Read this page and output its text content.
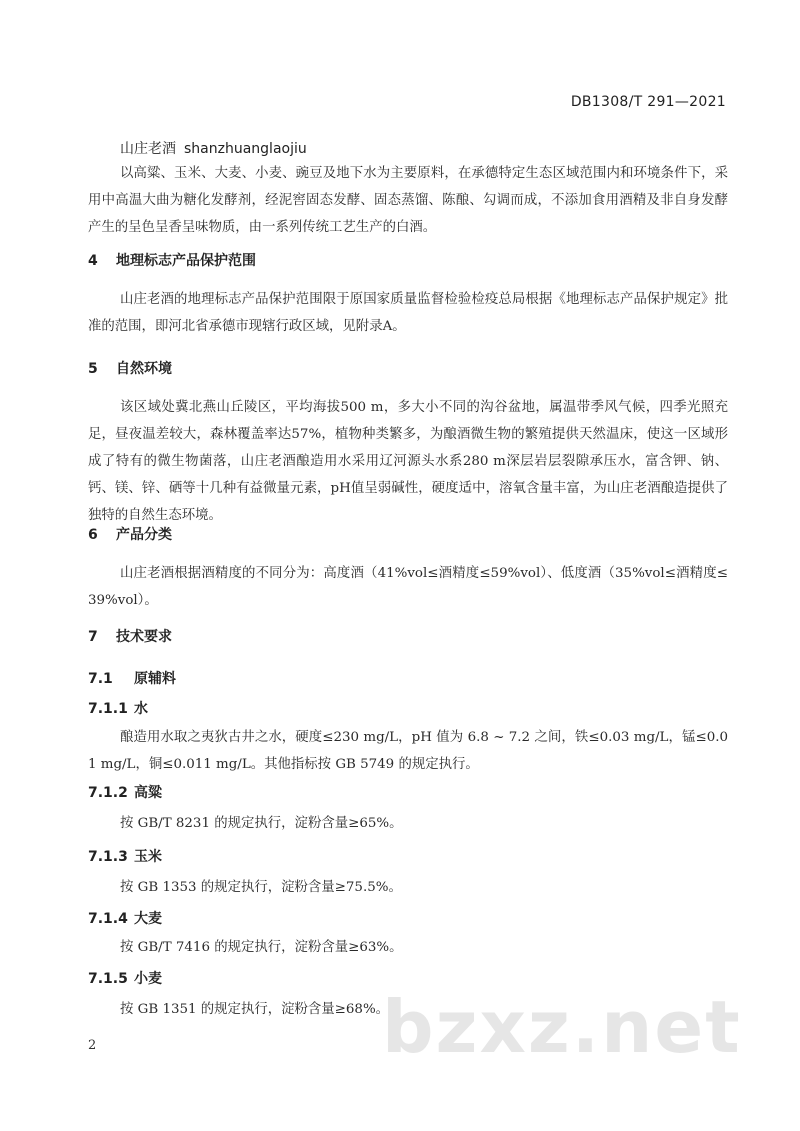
DB1308/T 291—2021
山庄老酒 shanzhuanglaojiu
以高粱、玉米、大麦、小麦、豌豆及地下水为主要原料，在承德特定生态区域范围内和环境条件下，采用中高温大曲为糖化发酵剂，经泥窖固态发酵、固态蒸馏、陈酿、勾调而成，不添加食用酒精及非自身发酵产生的呈色呈香呈味物质，由一系列传统工艺生产的白酒。
4 地理标志产品保护范围
山庄老酒的地理标志产品保护范围限于原国家质量监督检验检疫总局根据《地理标志产品保护规定》批准的范围，即河北省承德市现辖行政区域，见附录A。
5 自然环境
该区域处冀北燕山丘陵区，平均海拔500 m，多大小不同的沟谷盆地，属温带季风气候，四季光照充足，昼夜温差较大，森林覆盖率达57%，植物种类繁多，为酿酒微生物的繁殖提供天然温床，使这一区域形成了特有的微生物菌落，山庄老酒酿造用水采用辽河源头水系280 m深层岩层裂隙承压水，富含钾、钠、钙、镁、锌、硒等十几种有益微量元素，pH值呈弱碱性，硬度适中，溶氧含量丰富，为山庄老酒酿造提供了独特的自然生态环境。
6 产品分类
山庄老酒根据酒精度的不同分为：高度酒（41%vol≤酒精度≤59%vol）、低度酒（35%vol≤酒精度≤39%vol）。
7 技术要求
7.1 原辅料
7.1.1 水
酿造用水取之夷狄古井之水，硬度≤230 mg/L，pH 值为 6.8 ~ 7.2 之间，铁≤0.03 mg/L，锰≤0.01 mg/L，铜≤0.011 mg/L。其他指标按 GB 5749 的规定执行。
7.1.2 高粱
按 GB/T 8231 的规定执行，淀粉含量≥65%。
7.1.3 玉米
按 GB 1353 的规定执行，淀粉含量≥75.5%。
7.1.4 大麦
按 GB/T 7416 的规定执行，淀粉含量≥63%。
7.1.5 小麦
按 GB 1351 的规定执行，淀粉含量≥68%。
bzxz.net
2
